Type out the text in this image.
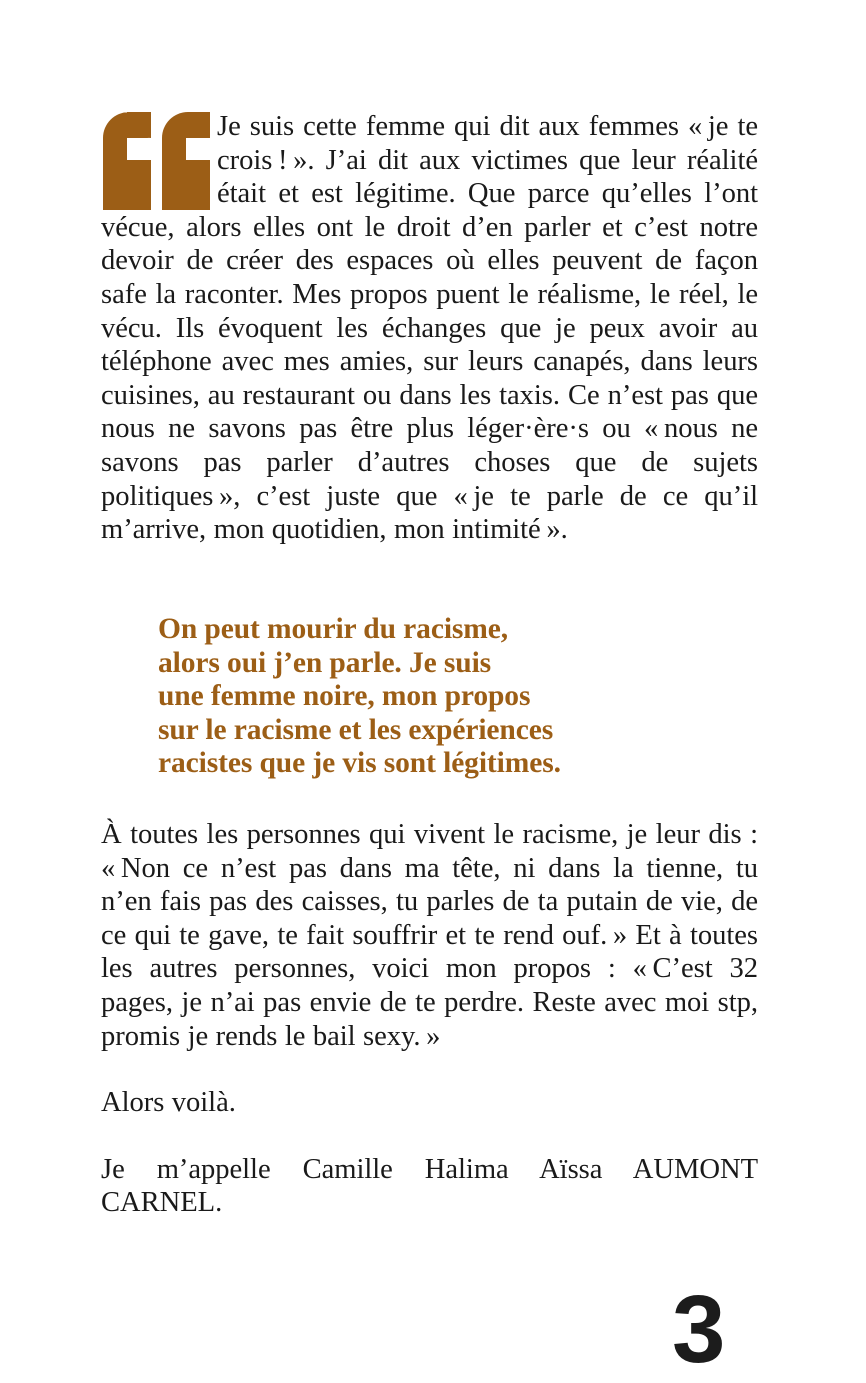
Je suis cette femme qui dit aux femmes « je te crois ! ». J’ai dit aux victimes que leur réalité était et est légitime. Que parce qu’elles l’ont vécue, alors elles ont le droit d’en parler et c’est notre devoir de créer des espaces où elles peuvent de façon safe la raconter. Mes propos puent le réalisme, le réel, le vécu. Ils évoquent les échanges que je peux avoir au téléphone avec mes amies, sur leurs canapés, dans leurs cuisines, au restaurant ou dans les taxis. Ce n’est pas que nous ne savons pas être plus léger·ère·s ou « nous ne savons pas parler d’autres choses que de sujets politiques », c’est juste que « je te parle de ce qu’il m’arrive, mon quotidien, mon intimité ».

On peut mourir du racisme,

alors oui j’en parle. Je suis

une femme noire, mon propos

sur le racisme et les expériences

racistes que je vis sont légitimes.

À toutes les personnes qui vivent le racisme, je leur dis : « Non ce n’est pas dans ma tête, ni dans la tienne, tu n’en fais pas des caisses, tu parles de ta putain de vie, de ce qui te gave, te fait souffrir et te rend ouf. » Et à toutes les autres personnes, voici mon propos : « C’est 32 pages, je n’ai pas envie de te perdre. Reste avec moi stp, promis je rends le bail sexy. »

Alors voilà.

Je m’appelle Camille Halima Aïssa AUMONT CARNEL.

3
